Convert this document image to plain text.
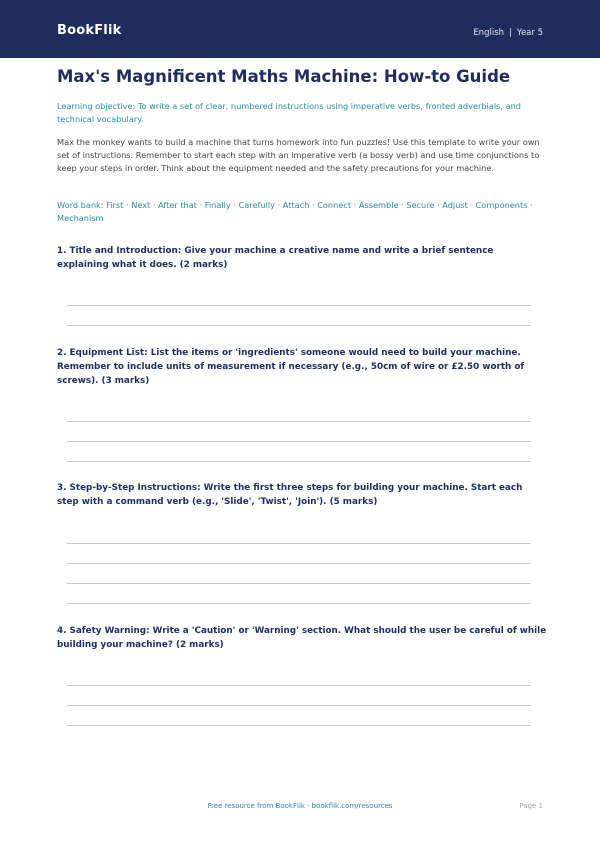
BookFlik	English | Year 5
Max's Magnificent Maths Machine: How-to Guide

Learning objective: To write a set of clear, numbered instructions using imperative verbs, fronted adverbials, and technical vocabulary.

Max the monkey wants to build a machine that turns homework into fun puzzles! Use this template to write your own set of instructions. Remember to start each step with an imperative verb (a bossy verb) and use time conjunctions to keep your steps in order. Think about the equipment needed and the safety precautions for your machine.

Word bank: First · Next · After that · Finally · Carefully · Attach · Connect · Assemble · Secure · Adjust · Components · Mechanism

1. Title and Introduction: Give your machine a creative name and write a brief sentence explaining what it does. (2 marks)

2. Equipment List: List the items or 'ingredients' someone would need to build your machine. Remember to include units of measurement if necessary (e.g., 50cm of wire or £2.50 worth of screws). (3 marks)

3. Step-by-Step Instructions: Write the first three steps for building your machine. Start each step with a command verb (e.g., 'Slide', 'Twist', 'Join'). (5 marks)

4. Safety Warning: Write a 'Caution' or 'Warning' section. What should the user be careful of while building your machine? (2 marks)

Free resource from BookFlik · bookflik.com/resources	Page 1
